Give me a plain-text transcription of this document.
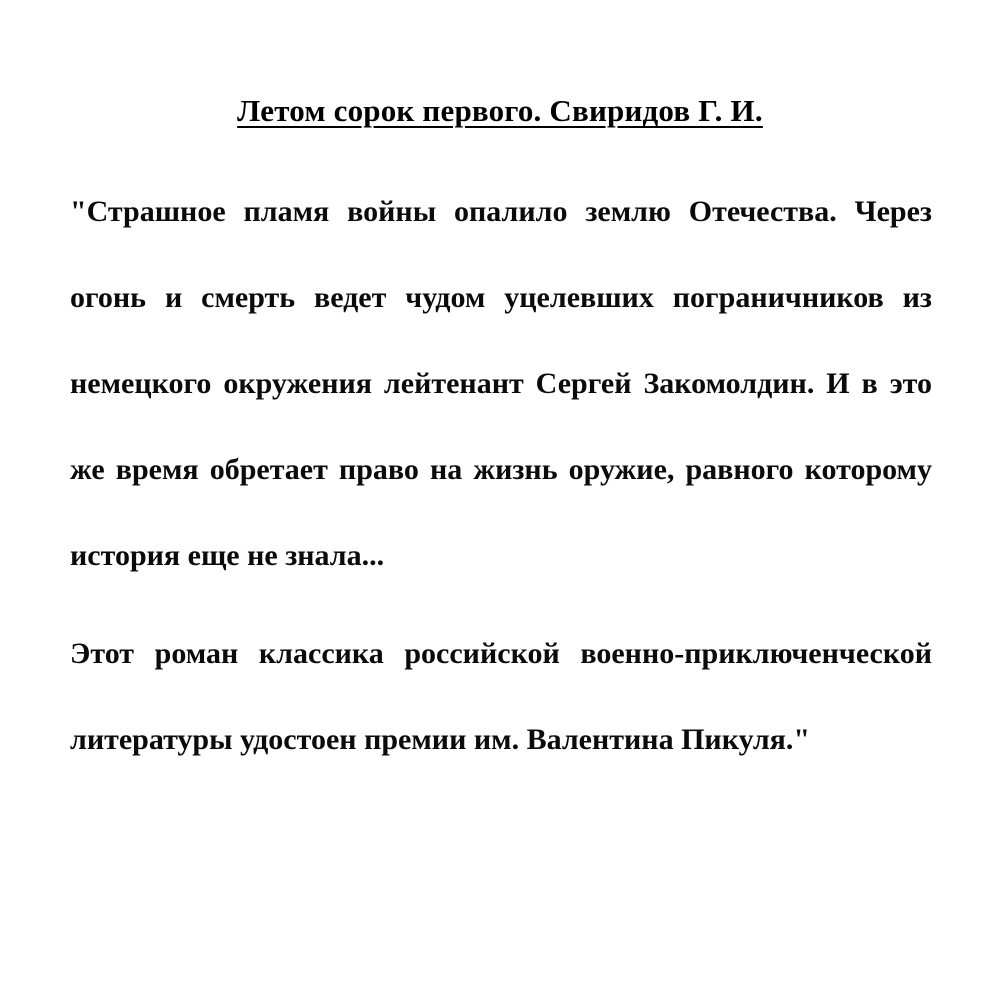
Летом сорок первого. Свиридов Г. И.

"Страшное пламя войны опалило землю Отечества. Через огонь и смерть ведет чудом уцелевших пограничников из немецкого окружения лейтенант Сергей Закомолдин. И в это же время обретает право на жизнь оружие, равного которому история еще не знала...

Этот роман классика российской военно-приключенческой литературы удостоен премии им. Валентина Пикуля."
